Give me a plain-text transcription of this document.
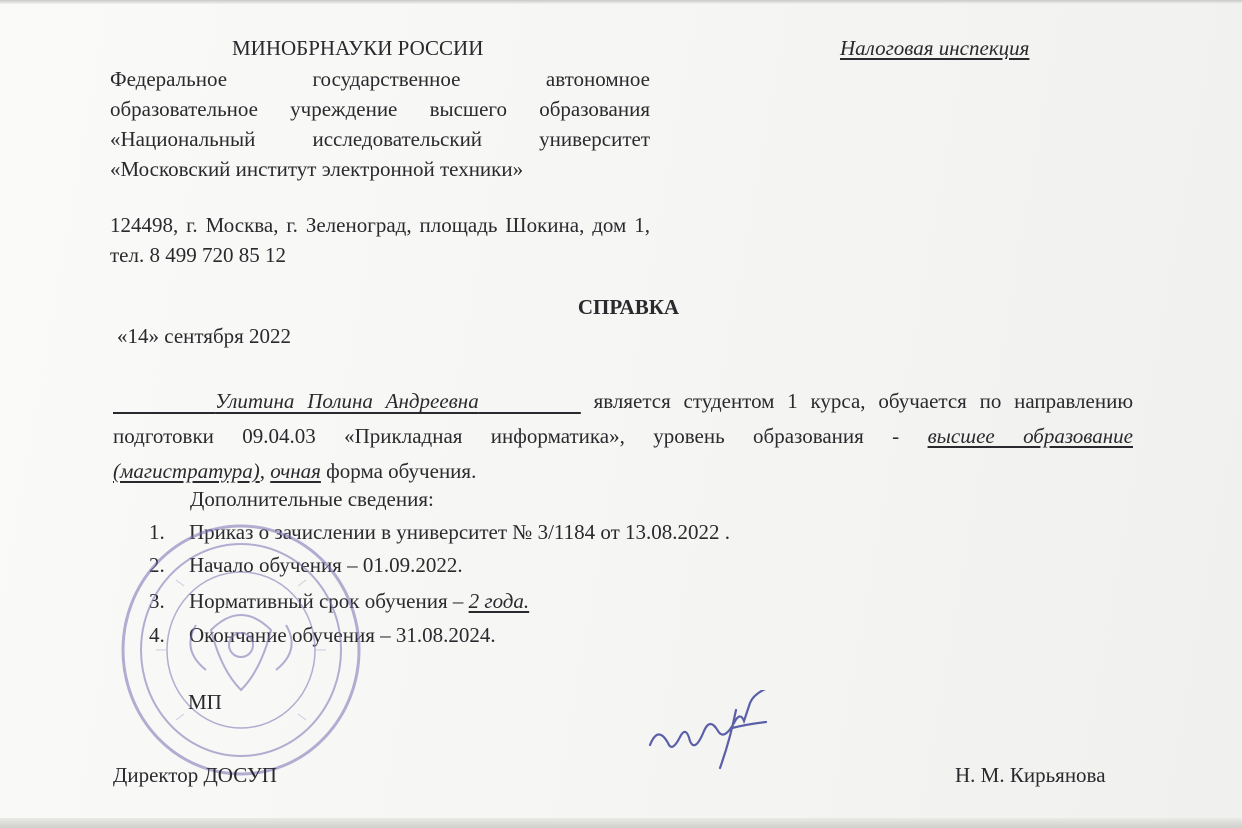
МИНОБРНАУКИ РОССИИ	Налоговая инспекция
Федеральное государственное автономное
образовательное учреждение высшего образования
«Национальный исследовательский университет
«Московский институт электронной техники»
124498, г. Москва, г. Зеленоград, площадь Шокина, дом 1, тел. 8 499 720 85 12
СПРАВКА
«14» сентября 2022
Улитина Полина Андреевна	является студентом 1 курса, обучается по направлению
подготовки 09.04.03 «Прикладная информатика», уровень образования - высшее образование
(магистратура), очная форма обучения.
Дополнительные сведения:
1. Приказ о зачислении в университет № 3/1184 от 13.08.2022 .
2. Начало обучения – 01.09.2022.
3. Нормативный срок обучения – 2 года.
4. Окончание обучения – 31.08.2024.
МП
Директор ДОСУП	Н. М. Кирьянова
